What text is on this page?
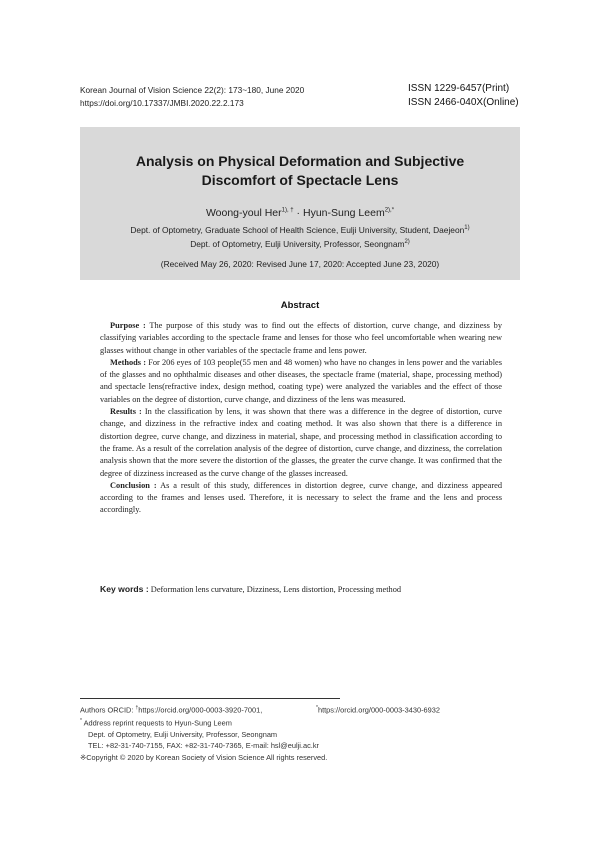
Korean Journal of Vision Science 22(2): 173~180, June 2020
https://doi.org/10.17337/JMBI.2020.22.2.173
ISSN 1229-6457(Print)
ISSN 2466-040X(Online)
Analysis on Physical Deformation and Subjective
Discomfort of Spectacle Lens
Woong-youl Her$^{1), \dagger}$ · Hyun-Sung Leem$^{2),*}$
Dept. of Optometry, Graduate School of Health Science, Eulji University, Student, Daejeon$^{1)}$
Dept. of Optometry, Eulji University, Professor, Seongnam$^{2)}$
(Received May 26, 2020: Revised June 17, 2020: Accepted June 23, 2020)
Abstract

Purpose : The purpose of this study was to find out the effects of distortion, curve change, and dizziness by classifying variables according to the spectacle frame and lenses for those who feel uncomfortable when wearing new glasses without change in other variables of the spectacle frame and lens power.

Methods : For 206 eyes of 103 people(55 men and 48 women) who have no changes in lens power and the variables of the glasses and no ophthalmic diseases and other diseases, the spectacle frame (material, shape, processing method) and spectacle lens(refractive index, design method, coating type) were analyzed the variables and the effect of those variables on the degree of distortion, curve change, and dizziness of the lens was measured.

Results : In the classification by lens, it was shown that there was a difference in the degree of distortion, curve change, and dizziness in the refractive index and coating method. It was also shown that there is a difference in distortion degree, curve change, and dizziness in material, shape, and processing method in classification according to the frame. As a result of the correlation analysis of the degree of distortion, curve change, and dizziness, the correlation analysis shown that the more severe the distortion of the glasses, the greater the curve change. It was confirmed that the degree of dizziness increased as the curve change of the glasses increased.

Conclusion : As a result of this study, differences in distortion degree, curve change, and dizziness appeared according to the frames and lenses used. Therefore, it is necessary to select the frame and the lens and process accordingly.

Key words : Deformation lens curvature, Dizziness, Lens distortion, Processing method
Authors ORCID: †https://orcid.org/000-0003-3920-7001,	*https://orcid.org/000-0003-3430-6932
* Address reprint requests to Hyun-Sung Leem
Dept. of Optometry, Eulji University, Professor, Seongnam
TEL: +82-31-740-7155, FAX: +82-31-740-7365, E-mail: hsl@eulji.ac.kr
※Copyright © 2020 by Korean Society of Vision Science All rights reserved.
